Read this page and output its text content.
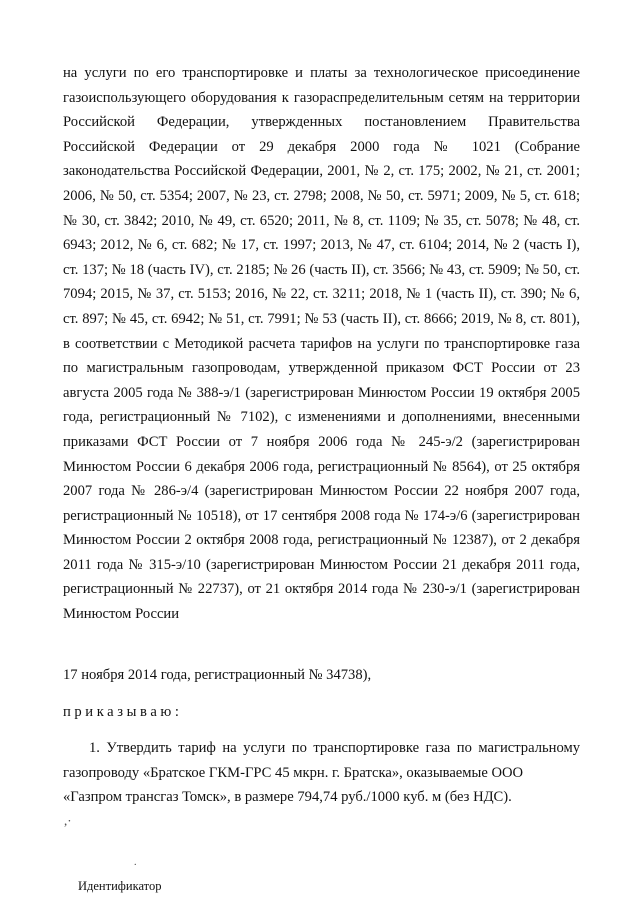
на услуги по его транспортировке и платы за технологическое присоединение газоиспользующего оборудования к газораспределительным сетям на территории Российской Федерации, утвержденных постановлением Правительства Российской Федерации от 29 декабря 2000 года № 1021 (Собрание законодательства Российской Федерации, 2001, № 2, ст. 175; 2002, № 21, ст. 2001; 2006, № 50, ст. 5354; 2007, № 23, ст. 2798; 2008, № 50, ст. 5971; 2009, № 5, ст. 618; № 30, ст. 3842; 2010, № 49, ст. 6520; 2011, № 8, ст. 1109; № 35, ст. 5078; № 48, ст. 6943; 2012, № 6, ст. 682; № 17, ст. 1997; 2013, № 47, ст. 6104; 2014, № 2 (часть I), ст. 137; № 18 (часть IV), ст. 2185; № 26 (часть II), ст. 3566; № 43, ст. 5909; № 50, ст. 7094; 2015, № 37, ст. 5153; 2016, № 22, ст. 3211; 2018, № 1 (часть II), ст. 390; № 6, ст. 897; № 45, ст. 6942; № 51, ст. 7991; № 53 (часть II), ст. 8666; 2019, № 8, ст. 801), в соответствии с Методикой расчета тарифов на услуги по транспортировке газа по магистральным газопроводам, утвержденной приказом ФСТ России от 23 августа 2005 года № 388-э/1 (зарегистрирован Минюстом России 19 октября 2005 года, регистрационный № 7102), с изменениями и дополнениями, внесенными приказами ФСТ России от 7 ноября 2006 года № 245-э/2 (зарегистрирован Минюстом России 6 декабря 2006 года, регистрационный № 8564), от 25 октября 2007 года № 286-э/4 (зарегистрирован Минюстом России 22 ноября 2007 года, регистрационный № 10518), от 17 сентября 2008 года № 174-э/6 (зарегистрирован Минюстом России 2 октября 2008 года, регистрационный № 12387), от 2 декабря 2011 года № 315-э/10 (зарегистрирован Минюстом России 21 декабря 2011 года, регистрационный № 22737), от 21 октября 2014 года № 230-э/1 (зарегистрирован Минюстом России

17 ноября 2014 года, регистрационный № 34738),

приказываю:

1. Утвердить тариф на услуги по транспортировке газа по магистральному газопроводу «Братское ГКМ-ГРС 45 мкрн. г. Братска», оказываемые ООО

«Газпром трансгаз Томск», в размере 794,74 руб./1000 куб. м (без НДС).

,·
.

Идентификатор
